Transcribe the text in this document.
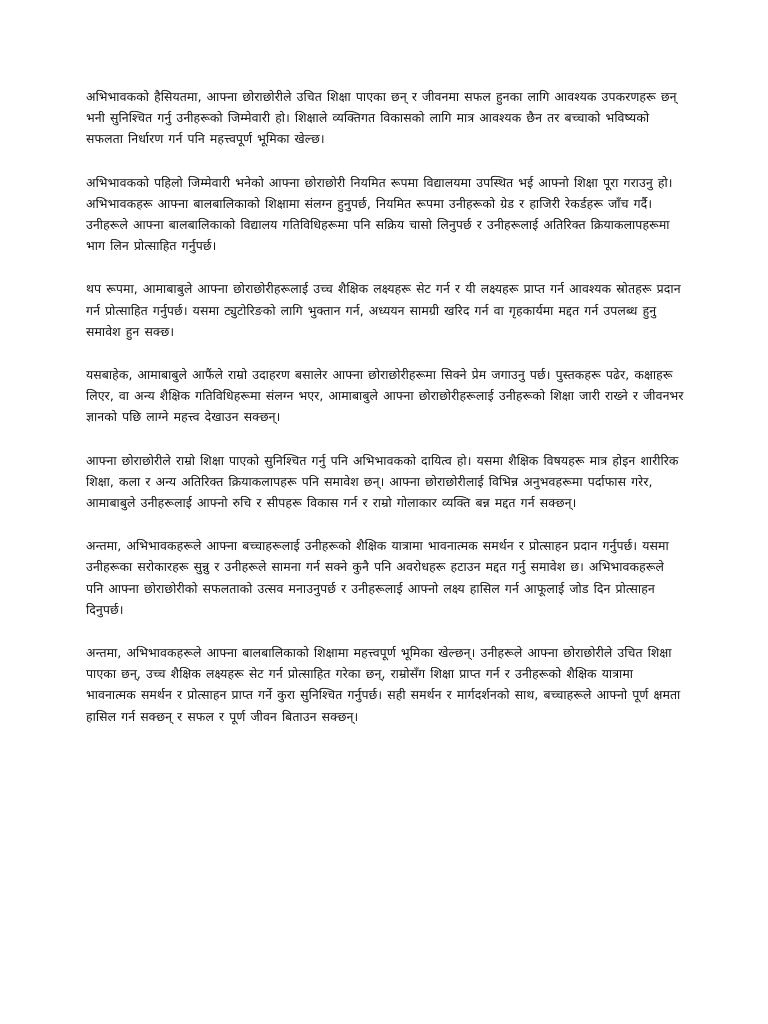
अभिभावकको हैसियतमा, आफ्ना छोराछोरीले उचित शिक्षा पाएका छन् र जीवनमा सफल हुनका लागि आवश्यक उपकरणहरू छन् भनी सुनिश्चित गर्नु उनीहरूको जिम्मेवारी हो। शिक्षाले व्यक्तिगत विकासको लागि मात्र आवश्यक छैन तर बच्चाको भविष्यको सफलता निर्धारण गर्न पनि महत्त्वपूर्ण भूमिका खेल्छ।

अभिभावकको पहिलो जिम्मेवारी भनेको आफ्ना छोराछोरी नियमित रूपमा विद्यालयमा उपस्थित भई आफ्नो शिक्षा पूरा गराउनु हो। अभिभावकहरू आफ्ना बालबालिकाको शिक्षामा संलग्न हुनुपर्छ, नियमित रूपमा उनीहरूको ग्रेड र हाजिरी रेकर्डहरू जाँच गर्दै। उनीहरूले आफ्ना बालबालिकाको विद्यालय गतिविधिहरूमा पनि सक्रिय चासो लिनुपर्छ र उनीहरूलाई अतिरिक्त क्रियाकलापहरूमा भाग लिन प्रोत्साहित गर्नुपर्छ।

थप रूपमा, आमाबाबुले आफ्ना छोराछोरीहरूलाई उच्च शैक्षिक लक्ष्यहरू सेट गर्न र यी लक्ष्यहरू प्राप्त गर्न आवश्यक स्रोतहरू प्रदान गर्न प्रोत्साहित गर्नुपर्छ। यसमा ट्युटोरिङको लागि भुक्तान गर्न, अध्ययन सामग्री खरिद गर्न वा गृहकार्यमा मद्दत गर्न उपलब्ध हुनु समावेश हुन सक्छ।

यसबाहेक, आमाबाबुले आफैंले राम्रो उदाहरण बसालेर आफ्ना छोराछोरीहरूमा सिक्ने प्रेम जगाउनु पर्छ। पुस्तकहरू पढेर, कक्षाहरू लिएर, वा अन्य शैक्षिक गतिविधिहरूमा संलग्न भएर, आमाबाबुले आफ्ना छोराछोरीहरूलाई उनीहरूको शिक्षा जारी राख्ने र जीवनभर ज्ञानको पछि लाग्ने महत्त्व देखाउन सक्छन्।

आफ्ना छोराछोरीले राम्रो शिक्षा पाएको सुनिश्चित गर्नु पनि अभिभावकको दायित्व हो। यसमा शैक्षिक विषयहरू मात्र होइन शारीरिक शिक्षा, कला र अन्य अतिरिक्त क्रियाकलापहरू पनि समावेश छन्। आफ्ना छोराछोरीलाई विभिन्न अनुभवहरूमा पर्दाफास गरेर, आमाबाबुले उनीहरूलाई आफ्नो रुचि र सीपहरू विकास गर्न र राम्रो गोलाकार व्यक्ति बन्न मद्दत गर्न सक्छन्।

अन्तमा, अभिभावकहरूले आफ्ना बच्चाहरूलाई उनीहरूको शैक्षिक यात्रामा भावनात्मक समर्थन र प्रोत्साहन प्रदान गर्नुपर्छ। यसमा उनीहरूका सरोकारहरू सुन्नु र उनीहरूले सामना गर्न सक्ने कुनै पनि अवरोधहरू हटाउन मद्दत गर्नु समावेश छ। अभिभावकहरूले पनि आफ्ना छोराछोरीको सफलताको उत्सव मनाउनुपर्छ र उनीहरूलाई आफ्नो लक्ष्य हासिल गर्न आफूलाई जोड दिन प्रोत्साहन दिनुपर्छ।

अन्तमा, अभिभावकहरूले आफ्ना बालबालिकाको शिक्षामा महत्त्वपूर्ण भूमिका खेल्छन्। उनीहरूले आफ्ना छोराछोरीले उचित शिक्षा पाएका छन्, उच्च शैक्षिक लक्ष्यहरू सेट गर्न प्रोत्साहित गरेका छन्, राम्रोसँग शिक्षा प्राप्त गर्न र उनीहरूको शैक्षिक यात्रामा भावनात्मक समर्थन र प्रोत्साहन प्राप्त गर्ने कुरा सुनिश्चित गर्नुपर्छ। सही समर्थन र मार्गदर्शनको साथ, बच्चाहरूले आफ्नो पूर्ण क्षमता हासिल गर्न सक्छन् र सफल र पूर्ण जीवन बिताउन सक्छन्।
